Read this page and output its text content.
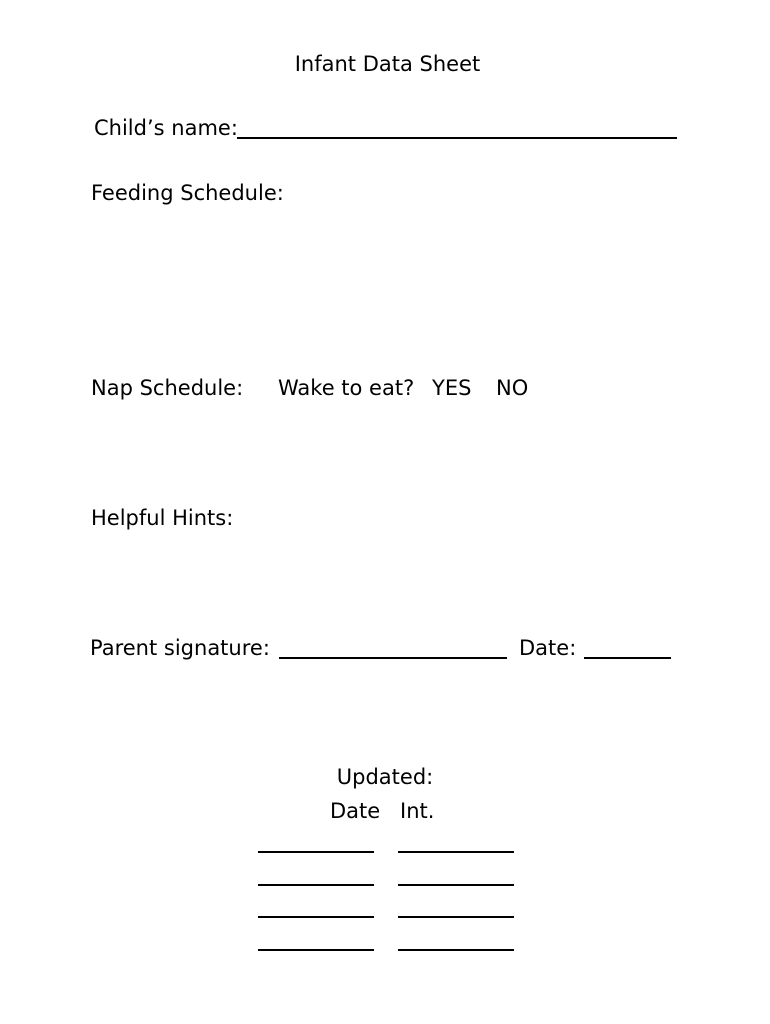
Infant Data Sheet
Child’s name:
Feeding Schedule:
Nap Schedule: Wake to eat? YES NO
Helpful Hints:
Parent signature:	Date:
Updated:
Date Int.
